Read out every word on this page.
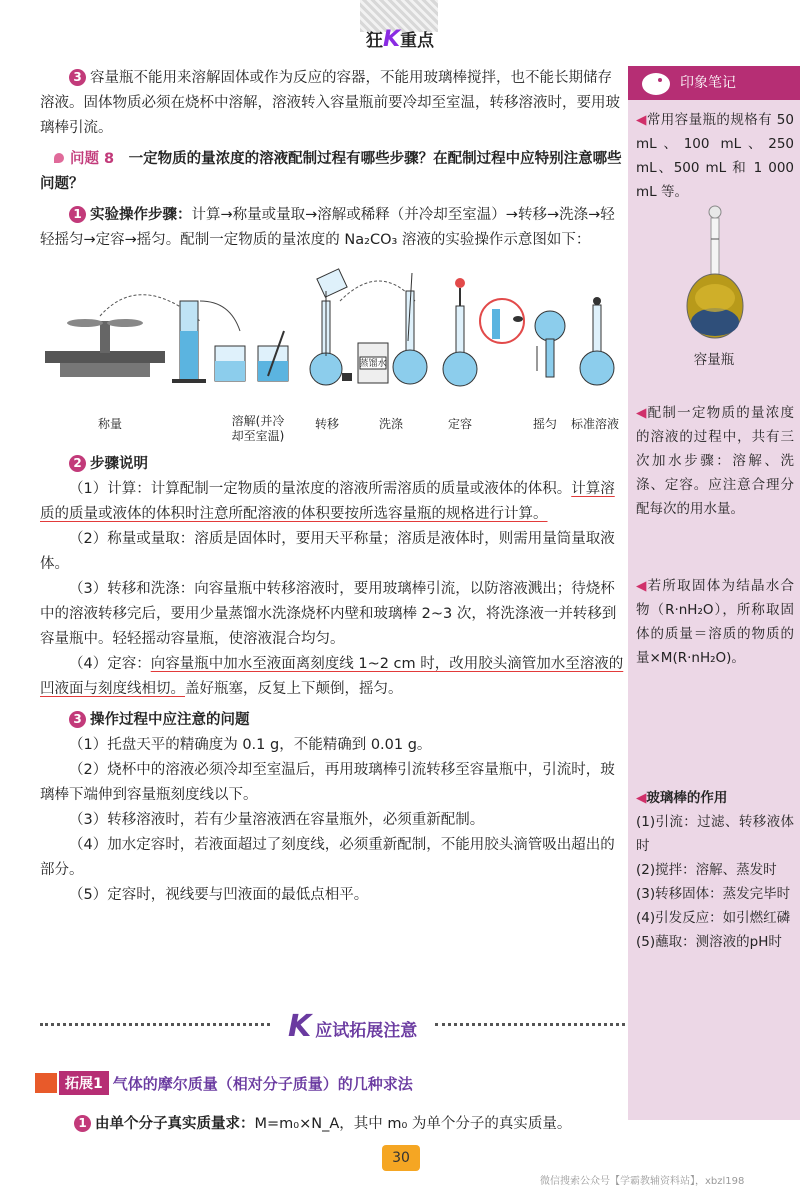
狂K重点

3 容量瓶不能用来溶解固体或作为反应的容器，不能用玻璃棒搅拌，也不能长期储存溶液。固体物质必须在烧杯中溶解，溶液转入容量瓶前要冷却至室温，转移溶液时，要用玻璃棒引流。

问题 8　 一定物质的量浓度的溶液配制过程有哪些步骤？在配制过程中应特别注意哪些问题？

1 实验操作步骤：计算→称量或量取→溶解或稀释（并冷却至室温）→转移→洗涤→轻轻摇匀→定容→摇匀。配制一定物质的量浓度的 Na₂CO₃ 溶液的实验操作示意图如下：

蒸馏水
称量	溶解(并冷却至室温)
转移	洗涤	定容	摇匀	标准溶液

2 步骤说明

（1）计算：计算配制一定物质的量浓度的溶液所需溶质的质量或液体的体积。计算溶质的质量或液体的体积时注意所配溶液的体积要按所选容量瓶的规格进行计算。

（2）称量或量取：溶质是固体时，要用天平称量；溶质是液体时，则需用量筒量取液体。

（3）转移和洗涤：向容量瓶中转移溶液时，要用玻璃棒引流，以防溶液溅出；待烧杯中的溶液转移完后，要用少量蒸馏水洗涤烧杯内壁和玻璃棒 2~3 次，将洗涤液一并转移到容量瓶中。轻轻摇动容量瓶，使溶液混合均匀。

（4）定容：向容量瓶中加水至液面离刻度线 1~2 cm 时，改用胶头滴管加水至溶液的凹液面与刻度线相切。盖好瓶塞，反复上下颠倒，摇匀。

3 操作过程中应注意的问题

（1）托盘天平的精确度为 0.1 g，不能精确到 0.01 g。

（2）烧杯中的溶液必须冷却至室温后，再用玻璃棒引流转移至容量瓶中，引流时，玻璃棒下端伸到容量瓶刻度线以下。

（3）转移溶液时，若有少量溶液洒在容量瓶外，必须重新配制。

（4）加水定容时，若液面超过了刻度线，必须重新配制，不能用胶头滴管吸出超出的部分。

（5）定容时，视线要与凹液面的最低点相平。

K应试拓展注意
拓展1 气体的摩尔质量（相对分子质量）的几种求法
1 由单个分子真实质量求：M=m₀×N_A，其中 m₀ 为单个分子的真实质量。
印象笔记
◀常用容量瓶的规格有 50 mL、100 mL、250 mL、500 mL 和 1 000 mL 等。
容量瓶
◀配制一定物质的量浓度的溶液的过程中，共有三次加水步骤：溶解、洗涤、定容。应注意合理分配每次的用水量。
◀若所取固体为结晶水合物（R·nH₂O），所称取固体的质量＝溶质的物质的量×M(R·nH₂O)。
◀玻璃棒的作用
(1)引流：过滤、转移液体时
(2)搅拌：溶解、蒸发时
(3)转移固体：蒸发完毕时
(4)引发反应：如引燃红磷
(5)蘸取：测溶液的pH时
30
微信搜索公众号【学霸教辅资料站】，xbzl198
